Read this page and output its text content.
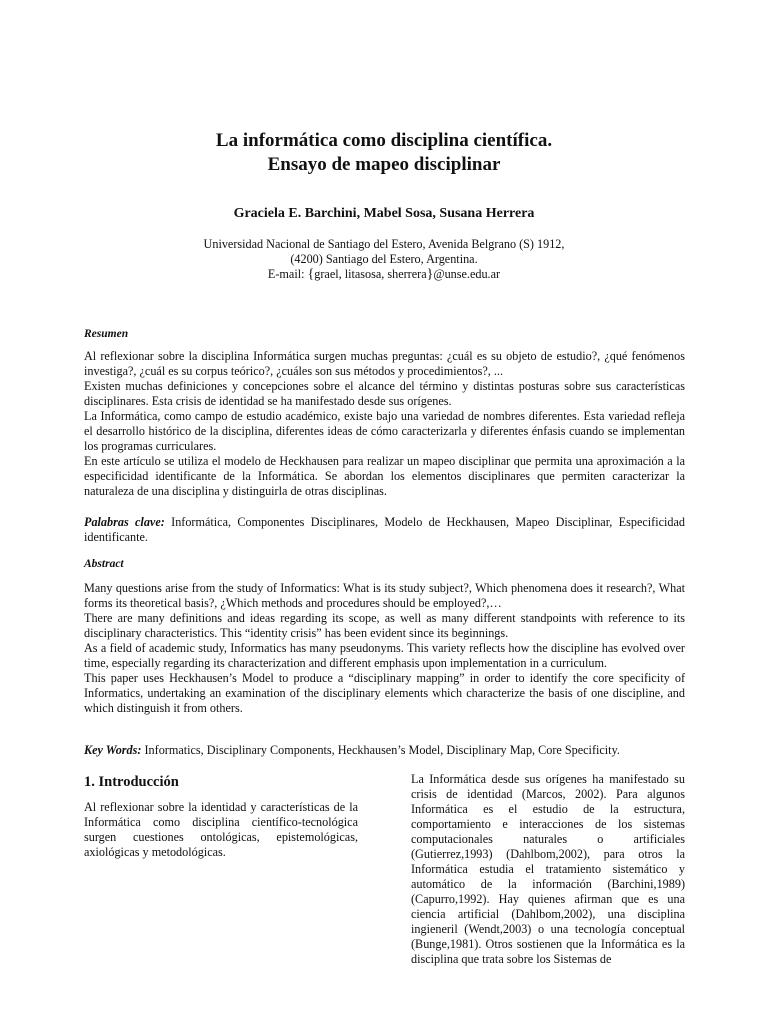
La informática como disciplina científica.
Ensayo de mapeo disciplinar
Graciela E. Barchini, Mabel Sosa, Susana Herrera
Universidad Nacional de Santiago del Estero, Avenida Belgrano (S) 1912,
(4200) Santiago del Estero, Argentina.
E-mail: {grael, litasosa, sherrera}@unse.edu.ar
Resumen

Al reflexionar sobre la disciplina Informática surgen muchas preguntas: ¿cuál es su objeto de estudio?, ¿qué fenómenos investiga?, ¿cuál es su corpus teórico?, ¿cuáles son sus métodos y procedimientos?, ...

Existen muchas definiciones y concepciones sobre el alcance del término y distintas posturas sobre sus características disciplinares. Esta crisis de identidad se ha manifestado desde sus orígenes.

La Informática, como campo de estudio académico, existe bajo una variedad de nombres diferentes. Esta variedad refleja el desarrollo histórico de la disciplina, diferentes ideas de cómo caracterizarla y diferentes énfasis cuando se implementan los programas curriculares.

En este artículo se utiliza el modelo de Heckhausen para realizar un mapeo disciplinar que permita una aproximación a la especificidad identificante de la Informática. Se abordan los elementos disciplinares que permiten caracterizar la naturaleza de una disciplina y distinguirla de otras disciplinas.

Palabras clave: Informática, Componentes Disciplinares, Modelo de Heckhausen, Mapeo Disciplinar, Especificidad identificante.
Abstract

Many questions arise from the study of Informatics: What is its study subject?, Which phenomena does it research?, What forms its theoretical basis?, ¿Which methods and procedures should be employed?,…

There are many definitions and ideas regarding its scope, as well as many different standpoints with reference to its disciplinary characteristics. This “identity crisis” has been evident since its beginnings.

As a field of academic study, Informatics has many pseudonyms. This variety reflects how the discipline has evolved over time, especially regarding its characterization and different emphasis upon implementation in a curriculum.

This paper uses Heckhausen’s Model to produce a “disciplinary mapping” in order to identify the core specificity of Informatics, undertaking an examination of the disciplinary elements which characterize the basis of one discipline, and which distinguish it from others.

Key Words: Informatics, Disciplinary Components, Heckhausen’s Model, Disciplinary Map, Core Specificity.
1. Introducción
Al reflexionar sobre la identidad y características de la Informática como disciplina científico-tecnológica surgen cuestiones ontológicas, epistemológicas, axiológicas y metodológicas.
La Informática desde sus orígenes ha manifestado su crisis de identidad (Marcos, 2002). Para algunos Informática es el estudio de la estructura, comportamiento e interacciones de los sistemas computacionales naturales o artificiales (Gutierrez,1993) (Dahlbom,2002), para otros la Informática estudia el tratamiento sistemático y automático de la información (Barchini,1989) (Capurro,1992). Hay quienes afirman que es una ciencia artificial (Dahlbom,2002), una disciplina ingieneril (Wendt,2003) o una tecnología conceptual (Bunge,1981). Otros sostienen que la Informática es la disciplina que trata sobre los Sistemas de
